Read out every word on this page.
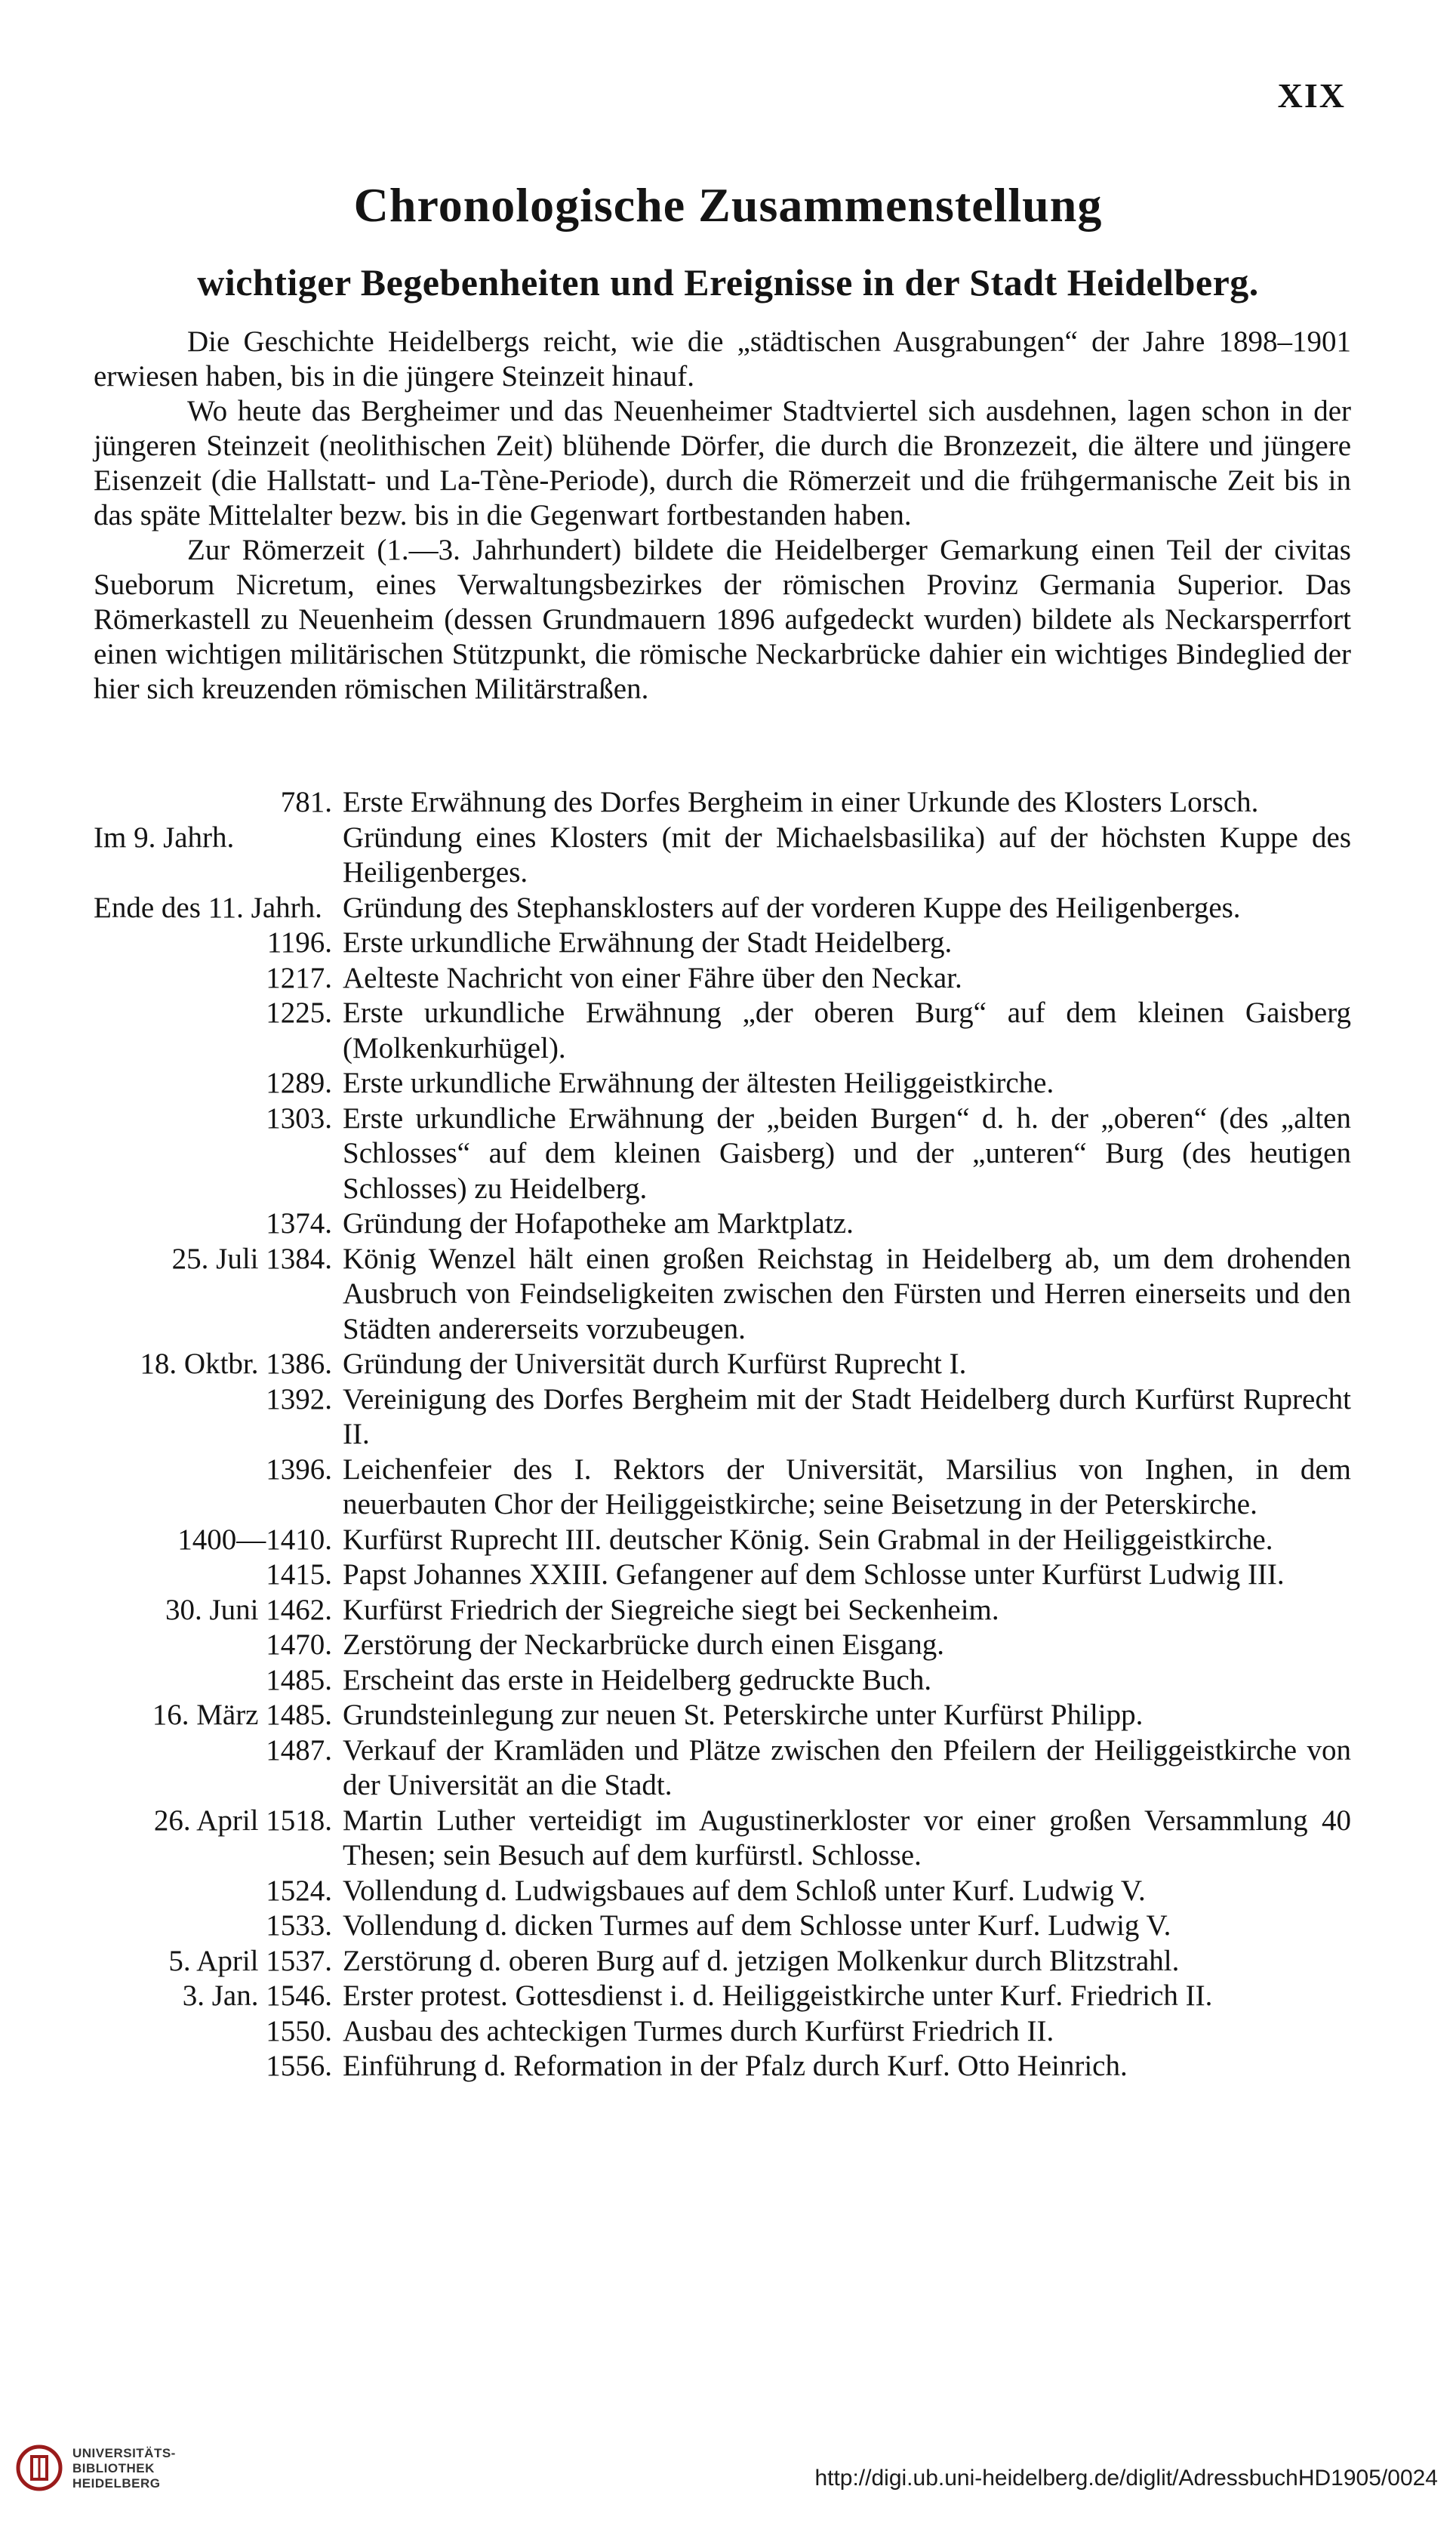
XIX
Chronologische Zusammenstellung
wichtiger Begebenheiten und Ereignisse in der Stadt Heidelberg.

Die Geschichte Heidelbergs reicht, wie die „städtischen Ausgrabungen“ der Jahre 1898–1901 erwiesen haben, bis in die jüngere Steinzeit hinauf.

Wo heute das Bergheimer und das Neuenheimer Stadtviertel sich ausdehnen, lagen schon in der jüngeren Steinzeit (neolithischen Zeit) blühende Dörfer, die durch die Bronzezeit, die ältere und jüngere Eisenzeit (die Hallstatt- und La-Tène-Periode), durch die Römerzeit und die frühgermanische Zeit bis in das späte Mittelalter bezw. bis in die Gegenwart fortbestanden haben.

Zur Römerzeit (1.—3. Jahrhundert) bildete die Heidelberger Gemarkung einen Teil der civitas Sueborum Nicretum, eines Verwaltungsbezirkes der römischen Provinz Germania Superior. Das Römerkastell zu Neuenheim (dessen Grundmauern 1896 aufgedeckt wurden) bildete als Neckarsperrfort einen wichtigen militärischen Stützpunkt, die römische Neckarbrücke dahier ein wichtiges Bindeglied der hier sich kreuzenden römischen Militärstraßen.

781. Erste Erwähnung des Dorfes Bergheim in einer Urkunde des Klosters Lorsch.
Im 9. Jahrh.	Gründung eines Klosters (mit der Michaelsbasilika) auf der höchsten Kuppe des Heiligenberges.
Ende des 11. Jahrh. Gründung des Stephansklosters auf der vorderen Kuppe des Heiligenberges.
1196. Erste urkundliche Erwähnung der Stadt Heidelberg.
1217. Aelteste Nachricht von einer Fähre über den Neckar.
1225. Erste urkundliche Erwähnung „der oberen Burg“ auf dem kleinen Gaisberg (Molkenkurhügel).
1289. Erste urkundliche Erwähnung der ältesten Heiliggeistkirche.
1303. Erste urkundliche Erwähnung der „beiden Burgen“ d. h. der „oberen“ (des „alten Schlosses“ auf dem kleinen Gaisberg) und der „unteren“ Burg (des heutigen Schlosses) zu Heidelberg.
1374. Gründung der Hofapotheke am Marktplatz.
25. Juli 1384. König Wenzel hält einen großen Reichstag in Heidelberg ab, um dem drohenden Ausbruch von Feindseligkeiten zwischen den Fürsten und Herren einerseits und den Städten andererseits vorzubeugen.
18. Oktbr. 1386. Gründung der Universität durch Kurfürst Ruprecht I.
1392. Vereinigung des Dorfes Bergheim mit der Stadt Heidelberg durch Kurfürst Ruprecht II.
1396. Leichenfeier des I. Rektors der Universität, Marsilius von Inghen, in dem neuerbauten Chor der Heiliggeistkirche; seine Beisetzung in der Peterskirche.
1400—1410. Kurfürst Ruprecht III. deutscher König. Sein Grabmal in der Heiliggeistkirche.
1415. Papst Johannes XXIII. Gefangener auf dem Schlosse unter Kurfürst Ludwig III.
30. Juni 1462. Kurfürst Friedrich der Siegreiche siegt bei Seckenheim.
1470. Zerstörung der Neckarbrücke durch einen Eisgang.
1485. Erscheint das erste in Heidelberg gedruckte Buch.
16. März 1485. Grundsteinlegung zur neuen St. Peterskirche unter Kurfürst Philipp.
1487. Verkauf der Kramläden und Plätze zwischen den Pfeilern der Heiliggeistkirche von der Universität an die Stadt.
26. April 1518. Martin Luther verteidigt im Augustinerkloster vor einer großen Versammlung 40 Thesen; sein Besuch auf dem kurfürstl. Schlosse.
1524. Vollendung d. Ludwigsbaues auf dem Schloß unter Kurf. Ludwig V.
1533. Vollendung d. dicken Turmes auf dem Schlosse unter Kurf. Ludwig V.
5. April 1537. Zerstörung d. oberen Burg auf d. jetzigen Molkenkur durch Blitzstrahl.
3. Jan. 1546. Erster protest. Gottesdienst i. d. Heiliggeistkirche unter Kurf. Friedrich II.
1550. Ausbau des achteckigen Turmes durch Kurfürst Friedrich II.
1556. Einführung d. Reformation in der Pfalz durch Kurf. Otto Heinrich.
UNIVERSITÄTS-
BIBLIOTHEK
HEIDELBERG	http://digi.ub.uni-heidelberg.de/diglit/AdressbuchHD1905/0024
